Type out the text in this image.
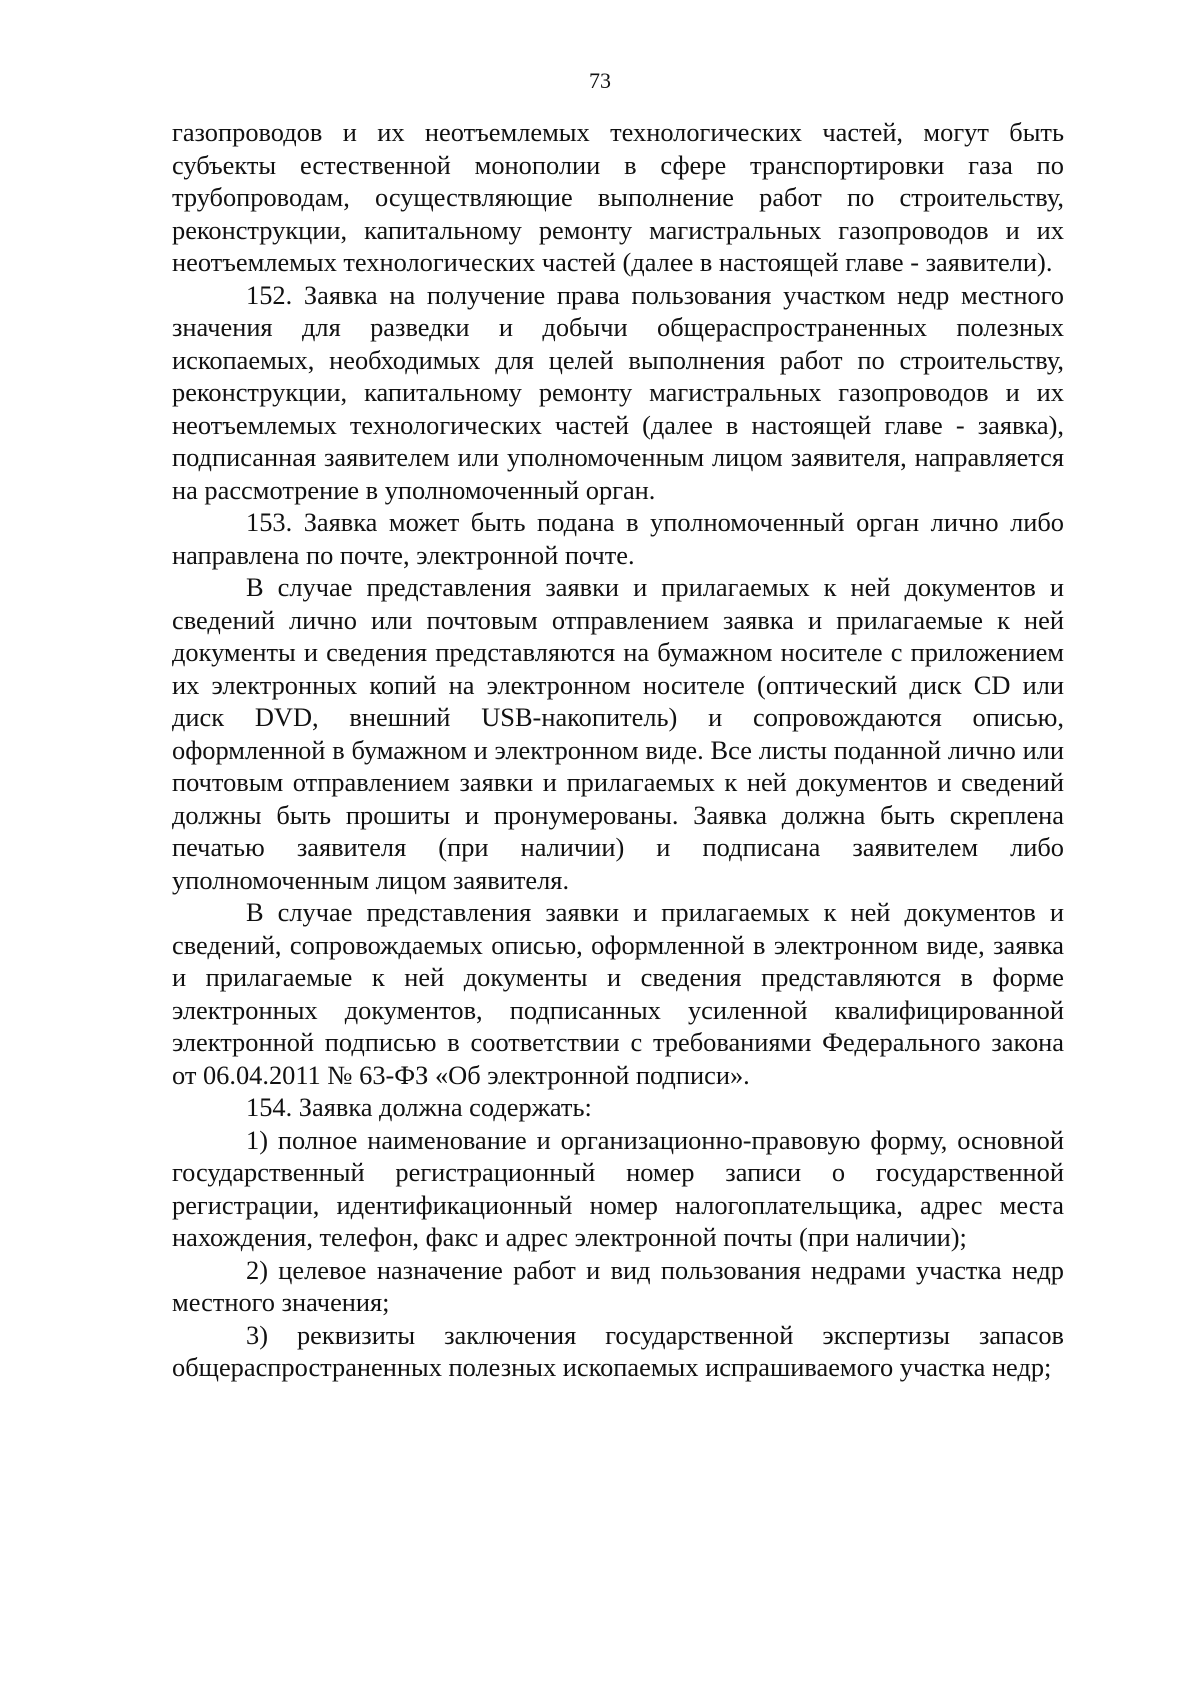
73

газопроводов и их неотъемлемых технологических частей, могут быть субъекты естественной монополии в сфере транспортировки газа по трубопроводам, осуществляющие выполнение работ по строительству, реконструкции, капитальному ремонту магистральных газопроводов и их неотъемлемых технологических частей (далее в настоящей главе - заявители).

152. Заявка на получение права пользования участком недр местного значения для разведки и добычи общераспространенных полезных ископаемых, необходимых для целей выполнения работ по строительству, реконструкции, капитальному ремонту магистральных газопроводов и их неотъемлемых технологических частей (далее в настоящей главе - заявка), подписанная заявителем или уполномоченным лицом заявителя, направляется на рассмотрение в уполномоченный орган.

153. Заявка может быть подана в уполномоченный орган лично либо направлена по почте, электронной почте.

В случае представления заявки и прилагаемых к ней документов и сведений лично или почтовым отправлением заявка и прилагаемые к ней документы и сведения представляются на бумажном носителе с приложением их электронных копий на электронном носителе (оптический диск CD или диск DVD, внешний USB-накопитель) и сопровождаются описью, оформленной в бумажном и электронном виде. Все листы поданной лично или почтовым отправлением заявки и прилагаемых к ней документов и сведений должны быть прошиты и пронумерованы. Заявка должна быть скреплена печатью заявителя (при наличии) и подписана заявителем либо уполномоченным лицом заявителя.

В случае представления заявки и прилагаемых к ней документов и сведений, сопровождаемых описью, оформленной в электронном виде, заявка и прилагаемые к ней документы и сведения представляются в форме электронных документов, подписанных усиленной квалифицированной электронной подписью в соответствии с требованиями Федерального закона от 06.04.2011 № 63-ФЗ «Об электронной подписи».

154. Заявка должна содержать:

1) полное наименование и организационно-правовую форму, основной государственный регистрационный номер записи о государственной регистрации, идентификационный номер налогоплательщика, адрес места нахождения, телефон, факс и адрес электронной почты (при наличии);

2) целевое назначение работ и вид пользования недрами участка недр местного значения;

3) реквизиты заключения государственной экспертизы запасов общераспространенных полезных ископаемых испрашиваемого участка недр;
